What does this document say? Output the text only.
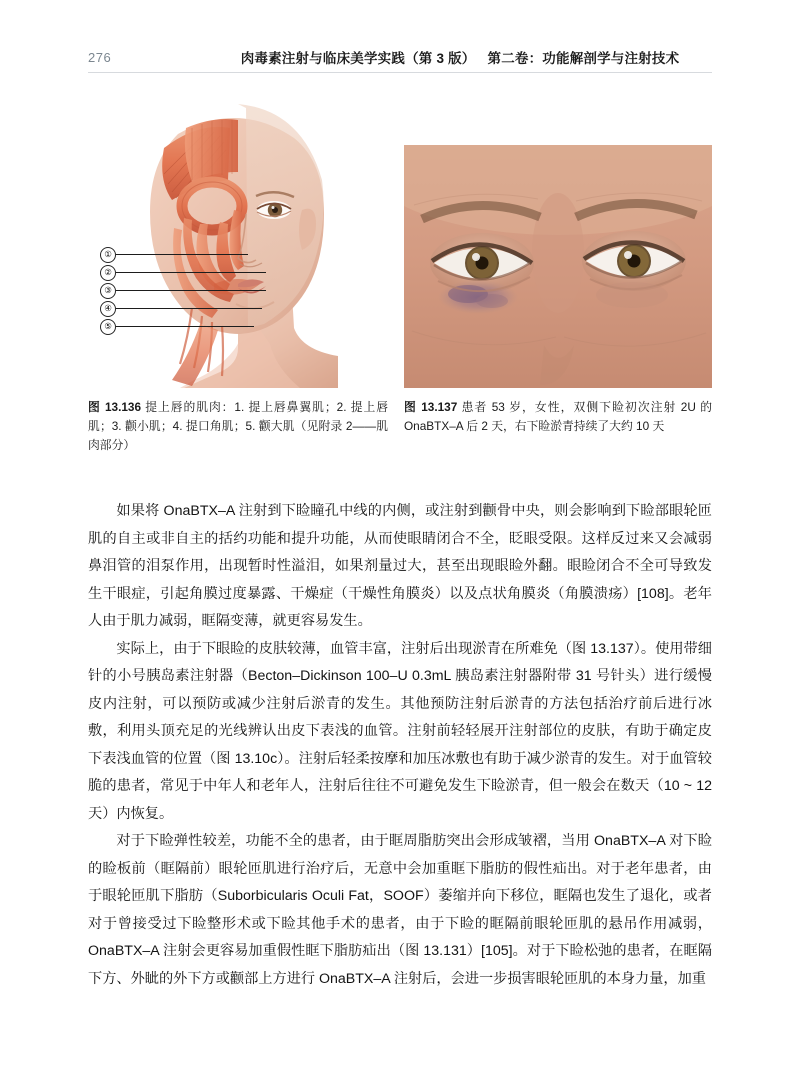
276	肉毒素注射与临床美学实践（第 3 版） 第二卷：功能解剖学与注射技术
①
②
③
④
⑤
图 13.136 提上唇的肌肉：1. 提上唇鼻翼肌；2. 提上唇肌；3. 颧小肌；4. 提口角肌；5. 颧大肌（见附录 2——肌肉部分）
图 13.137 患者 53 岁，女性，双侧下睑初次注射 2U 的 OnaBTX–A 后 2 天，右下睑淤青持续了大约 10 天

如果将 OnaBTX–A 注射到下睑瞳孔中线的内侧，或注射到颧骨中央，则会影响到下睑部眼轮匝肌的自主或非自主的括约功能和提升功能，从而使眼睛闭合不全，眨眼受限。这样反过来又会减弱鼻泪管的泪泵作用，出现暂时性溢泪，如果剂量过大，甚至出现眼睑外翻。眼睑闭合不全可导致发生干眼症，引起角膜过度暴露、干燥症（干燥性角膜炎）以及点状角膜炎（角膜溃疡）[108]。老年人由于肌力减弱，眶隔变薄，就更容易发生。

实际上，由于下眼睑的皮肤较薄，血管丰富，注射后出现淤青在所难免（图 13.137）。使用带细针的小号胰岛素注射器（Becton–Dickinson 100–U 0.3mL 胰岛素注射器附带 31 号针头）进行缓慢皮内注射，可以预防或减少注射后淤青的发生。其他预防注射后淤青的方法包括治疗前后进行冰敷，利用头顶充足的光线辨认出皮下表浅的血管。注射前轻轻展开注射部位的皮肤，有助于确定皮下表浅血管的位置（图 13.10c）。注射后轻柔按摩和加压冰敷也有助于减少淤青的发生。对于血管较脆的患者，常见于中年人和老年人，注射后往往不可避免发生下睑淤青，但一般会在数天（10 ~ 12 天）内恢复。

对于下睑弹性较差，功能不全的患者，由于眶周脂肪突出会形成皱褶，当用 OnaBTX–A 对下睑的睑板前（眶隔前）眼轮匝肌进行治疗后，无意中会加重眶下脂肪的假性疝出。对于老年患者，由于眼轮匝肌下脂肪（Suborbicularis Oculi Fat，SOOF）萎缩并向下移位，眶隔也发生了退化，或者对于曾接受过下睑整形术或下睑其他手术的患者，由于下睑的眶隔前眼轮匝肌的悬吊作用减弱，OnaBTX–A 注射会更容易加重假性眶下脂肪疝出（图 13.131）[105]。对于下睑松弛的患者，在眶隔下方、外眦的外下方或颧部上方进行 OnaBTX–A 注射后，会进一步损害眼轮匝肌的本身力量，加重
